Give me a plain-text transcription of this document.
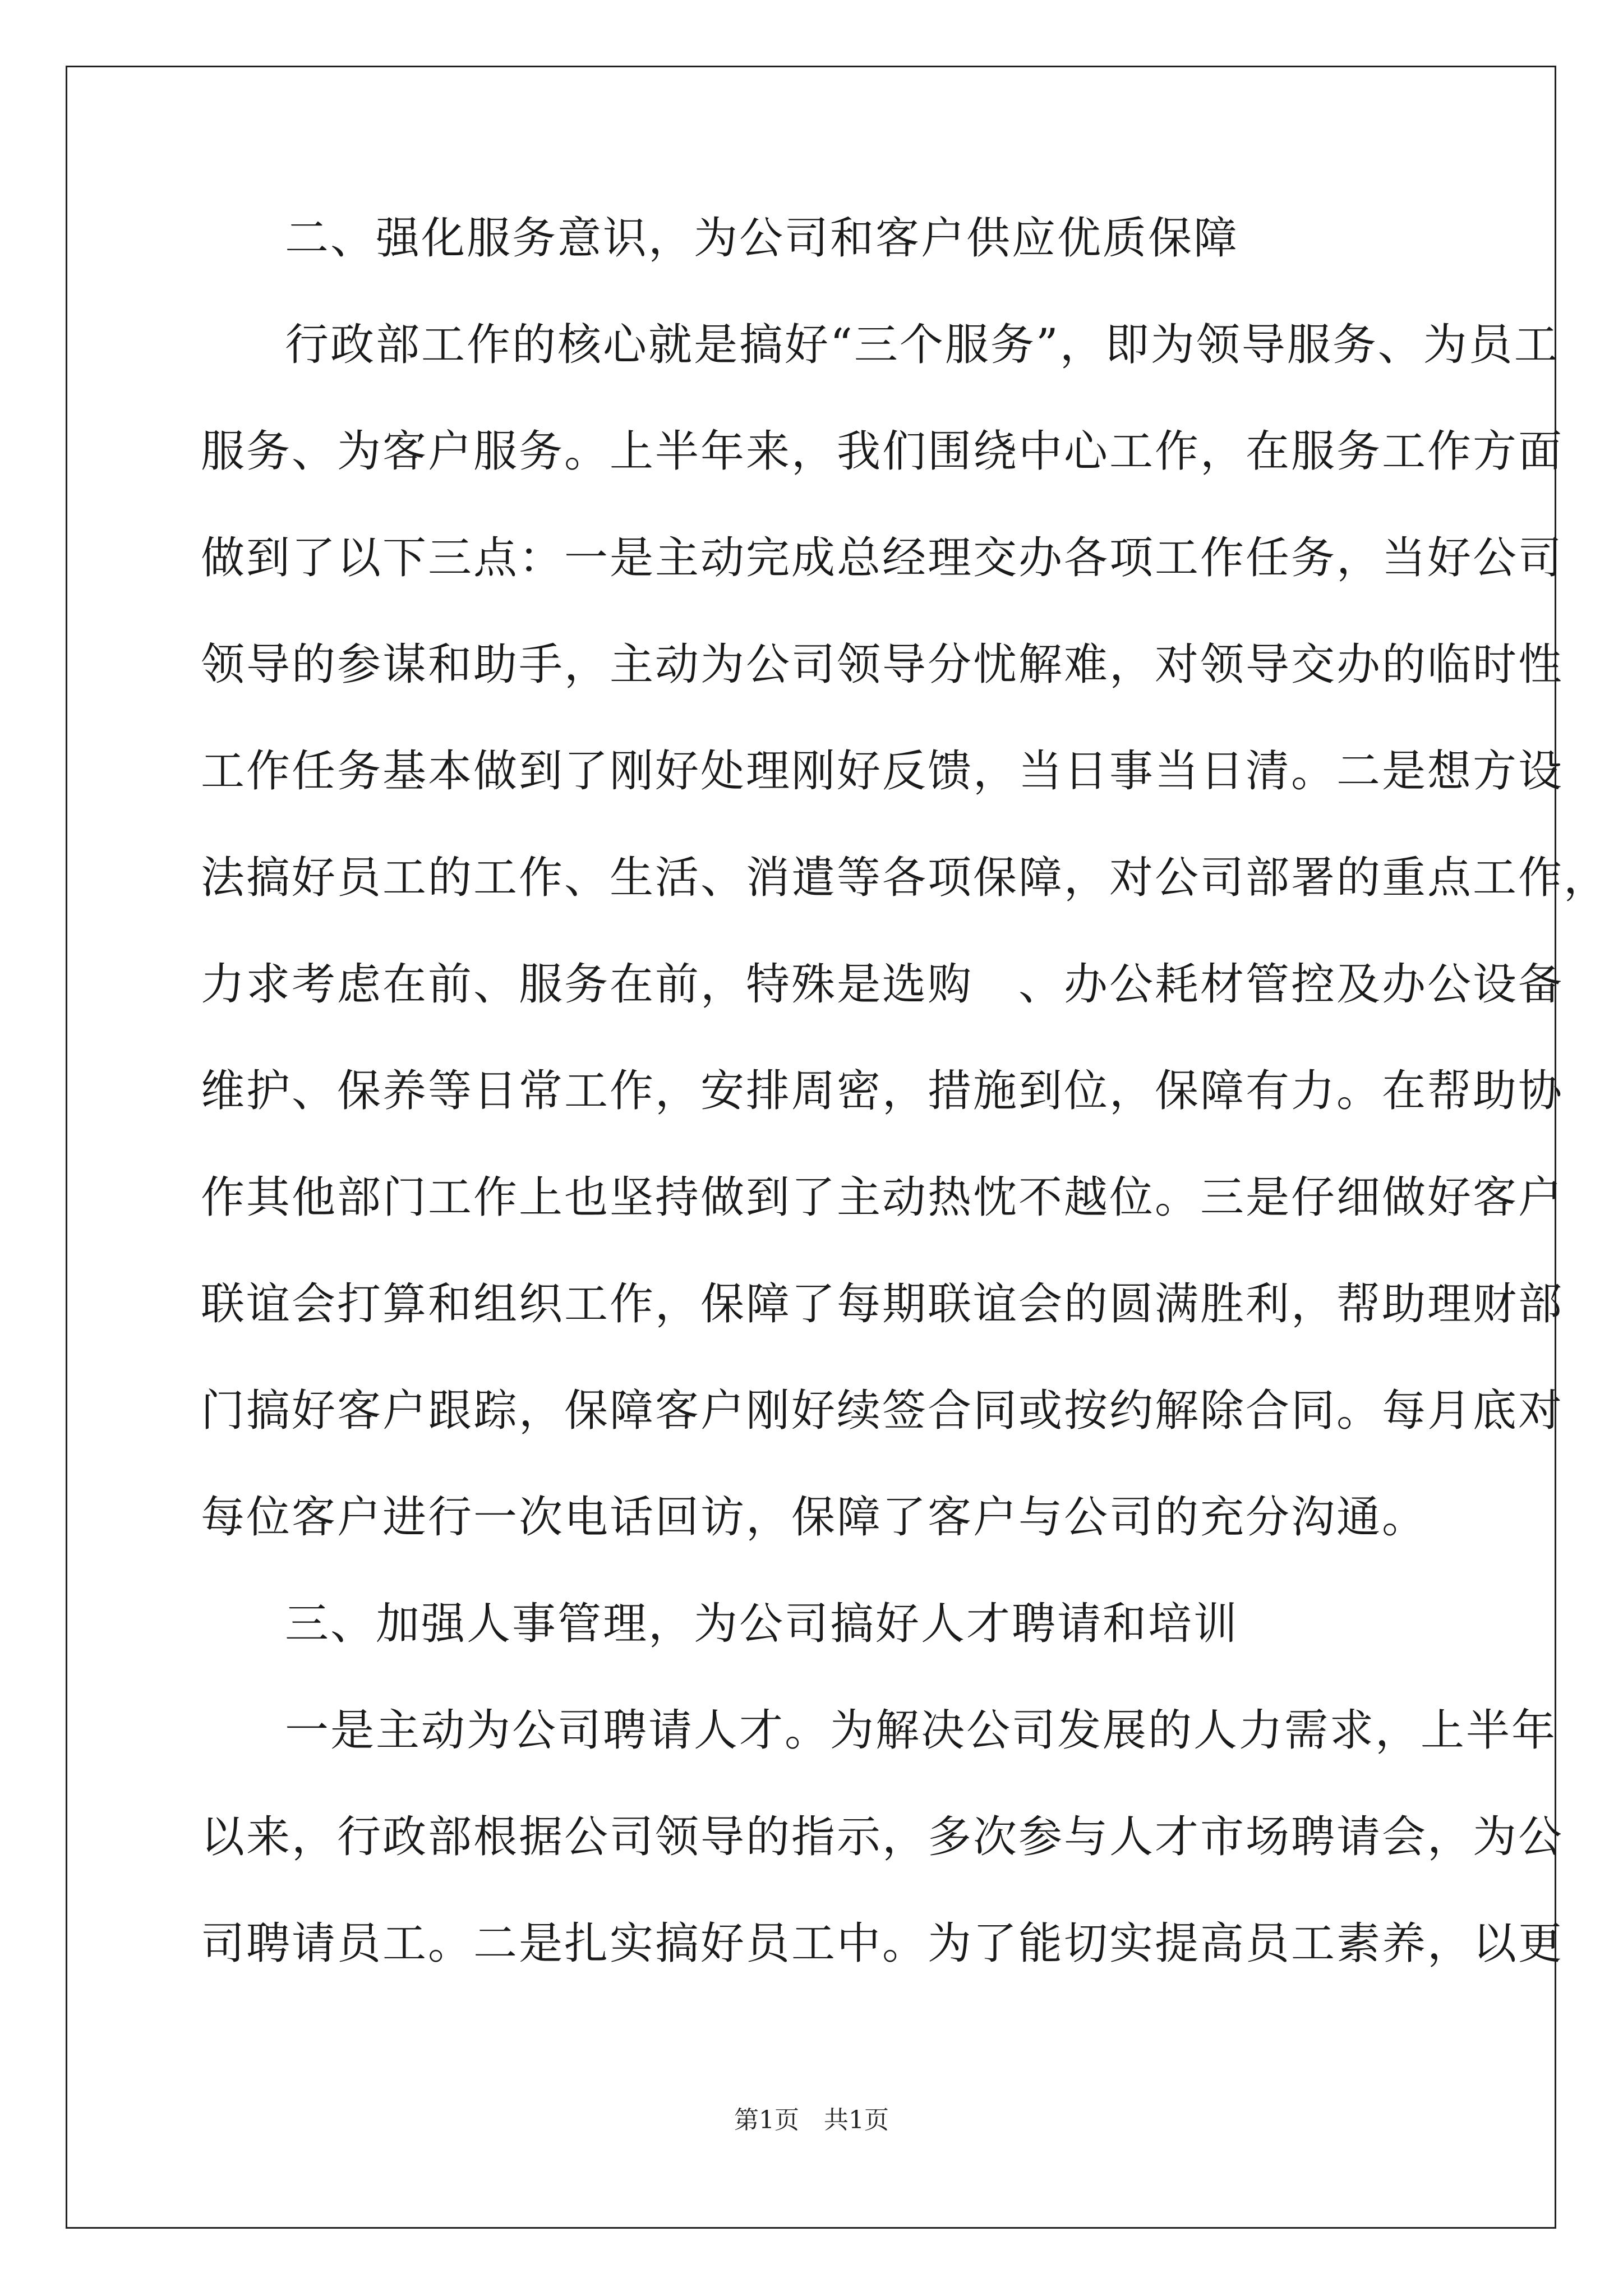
二、强化服务意识，为公司和客户供应优质保障
行政部工作的核心就是搞好“三个服务”，即为领导服务、为员工
服务、为客户服务。上半年来，我们围绕中心工作，在服务工作方面
做到了以下三点：一是主动完成总经理交办各项工作任务，当好公司
领导的参谋和助手，主动为公司领导分忧解难，对领导交办的临时性
工作任务基本做到了刚好处理刚好反馈，当日事当日清。二是想方设
法搞好员工的工作、生活、消遣等各项保障，对公司部署的重点工作，
力求考虑在前、服务在前，特殊是选购　、办公耗材管控及办公设备
维护、保养等日常工作，安排周密，措施到位，保障有力。在帮助协
作其他部门工作上也坚持做到了主动热忱不越位。三是仔细做好客户
联谊会打算和组织工作，保障了每期联谊会的圆满胜利，帮助理财部
门搞好客户跟踪，保障客户刚好续签合同或按约解除合同。每月底对
每位客户进行一次电话回访，保障了客户与公司的充分沟通。
三、加强人事管理，为公司搞好人才聘请和培训
一是主动为公司聘请人才。为解决公司发展的人力需求，上半年
以来，行政部根据公司领导的指示，多次参与人才市场聘请会，为公
司聘请员工。二是扎实搞好员工中。为了能切实提高员工素养，以更
第1页 共1页
